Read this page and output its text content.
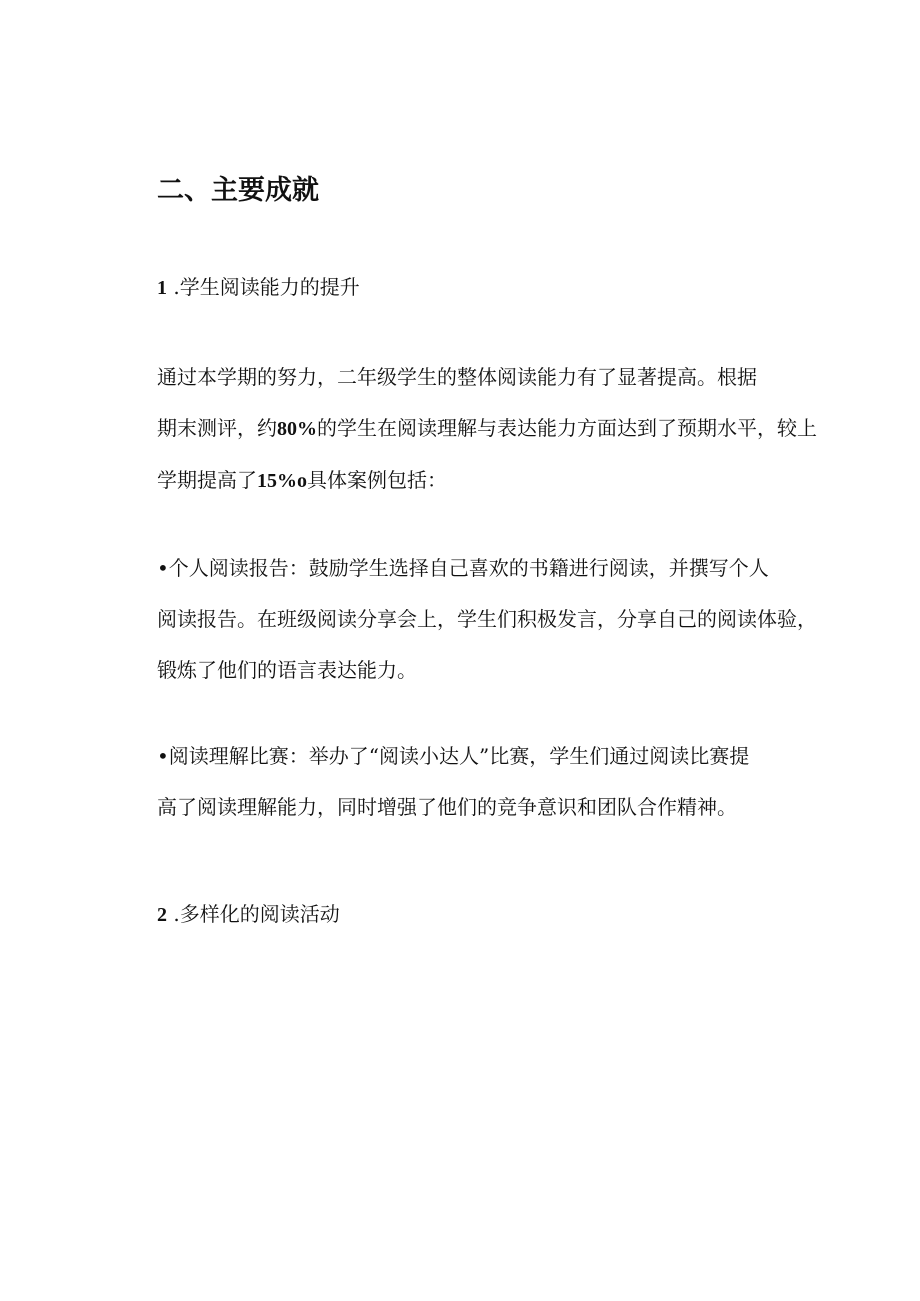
二、主要成就

1 .学生阅读能力的提升

通过本学期的努力，二年级学生的整体阅读能力有了显著提高。根据
期末测评，约80%的学生在阅读理解与表达能力方面达到了预期水平，较上
学期提高了15%o具体案例包括：
•个人阅读报告：鼓励学生选择自己喜欢的书籍进行阅读，并撰写个人
阅读报告。在班级阅读分享会上，学生们积极发言，分享自己的阅读体验，
锻炼了他们的语言表达能力。
•阅读理解比赛：举办了“阅读小达人”比赛，学生们通过阅读比赛提
高了阅读理解能力，同时增强了他们的竞争意识和团队合作精神。

2 .多样化的阅读活动
